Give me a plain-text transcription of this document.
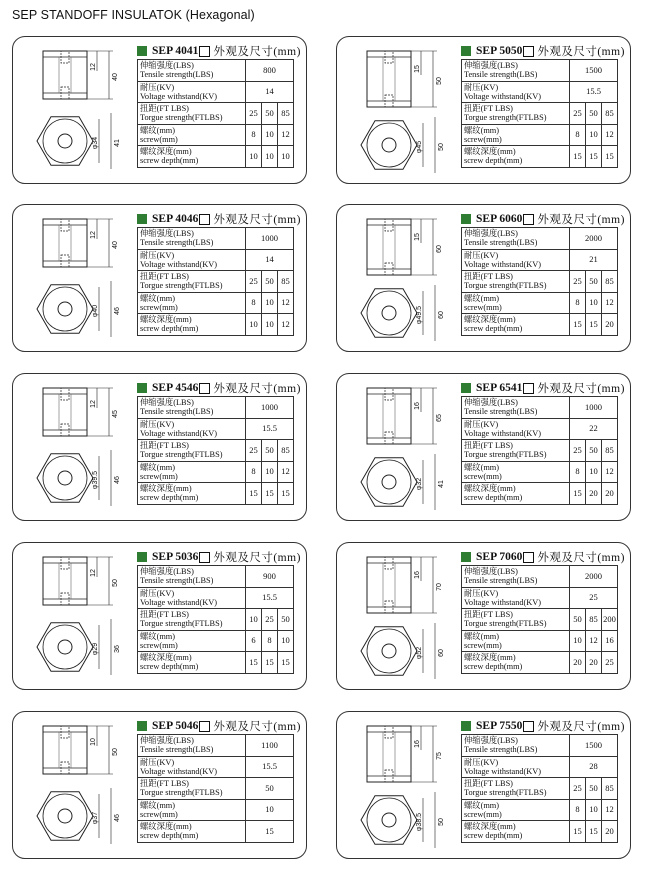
SEP STANDOFF INSULATOK (Hexagonal)
12
40
φ34 41
SEP 4041 外观及尺寸(mm)
伸缩强度(LBS)
Tensile strength(LBS)	800		

耐压(KV)
Voltage withstand(KV)	14		

扭距(FT LBS)
Torgue strength(FTLBS)	25	50	85

螺纹(mm)
screw(mm)	8	10	12

螺纹深度(mm)
screw depth(mm)	10	10	10
15
50
φ45 50
SEP 5050 外观及尺寸(mm)
伸缩强度(LBS)
Tensile strength(LBS)	1500		

耐压(KV)
Voltage withstand(KV)	15.5		

扭距(FT LBS)
Torgue strength(FTLBS)	25	50	85

螺纹(mm)
screw(mm)	8	10	12

螺纹深度(mm)
screw depth(mm)	15	15	15
12
40
φ40 46
SEP 4046 外观及尺寸(mm)
伸缩强度(LBS)
Tensile strength(LBS)	1000		

耐压(KV)
Voltage withstand(KV)	14		

扭距(FT LBS)
Torgue strength(FTLBS)	25	50	85

螺纹(mm)
screw(mm)	8	10	12

螺纹深度(mm)
screw depth(mm)	10	10	12
15
60
φ49.5 60
SEP 6060 外观及尺寸(mm)
伸缩强度(LBS)
Tensile strength(LBS)	2000		

耐压(KV)
Voltage withstand(KV)	21		

扭距(FT LBS)
Torgue strength(FTLBS)	25	50	85

螺纹(mm)
screw(mm)	8	10	12

螺纹深度(mm)
screw depth(mm)	15	15	20
12
45
φ39.5 46
SEP 4546 外观及尺寸(mm)
伸缩强度(LBS)
Tensile strength(LBS)	1000		

耐压(KV)
Voltage withstand(KV)	15.5		

扭距(FT LBS)
Torgue strength(FTLBS)	25	50	85

螺纹(mm)
screw(mm)	8	10	12

螺纹深度(mm)
screw depth(mm)	15	15	15
16
65
φ32 41
SEP 6541 外观及尺寸(mm)
伸缩强度(LBS)
Tensile strength(LBS)	1000		

耐压(KV)
Voltage withstand(KV)	22		

扭距(FT LBS)
Torgue strength(FTLBS)	25	50	85

螺纹(mm)
screw(mm)	8	10	12

螺纹深度(mm)
screw depth(mm)	15	20	20
12
50
φ29 36
SEP 5036 外观及尺寸(mm)
伸缩强度(LBS)
Tensile strength(LBS)	900		

耐压(KV)
Voltage withstand(KV)	15.5		

扭距(FT LBS)
Torgue strength(FTLBS)	10	25	50

螺纹(mm)
screw(mm)	6	8	10

螺纹深度(mm)
screw depth(mm)	15	15	15
16
70
φ52 60
SEP 7060 外观及尺寸(mm)
伸缩强度(LBS)
Tensile strength(LBS)	2000		

耐压(KV)
Voltage withstand(KV)	25		

扭距(FT LBS)
Torgue strength(FTLBS)	50	85	200

螺纹(mm)
screw(mm)	10	12	16

螺纹深度(mm)
screw depth(mm)	20	20	25
10
50
φ37 46
SEP 5046 外观及尺寸(mm)
伸缩强度(LBS)
Tensile strength(LBS)	1100

耐压(KV)
Voltage withstand(KV)	15.5

扭距(FT LBS)
Torgue strength(FTLBS)	50

螺纹(mm)
screw(mm)	10

螺纹深度(mm)
screw depth(mm)	15
16
75
φ38.5 50
SEP 7550 外观及尺寸(mm)
伸缩强度(LBS)
Tensile strength(LBS)	1500		

耐压(KV)
Voltage withstand(KV)	28		

扭距(FT LBS)
Torgue strength(FTLBS)	25	50	85

螺纹(mm)
screw(mm)	8	10	12

螺纹深度(mm)
screw depth(mm)	15	15	20
